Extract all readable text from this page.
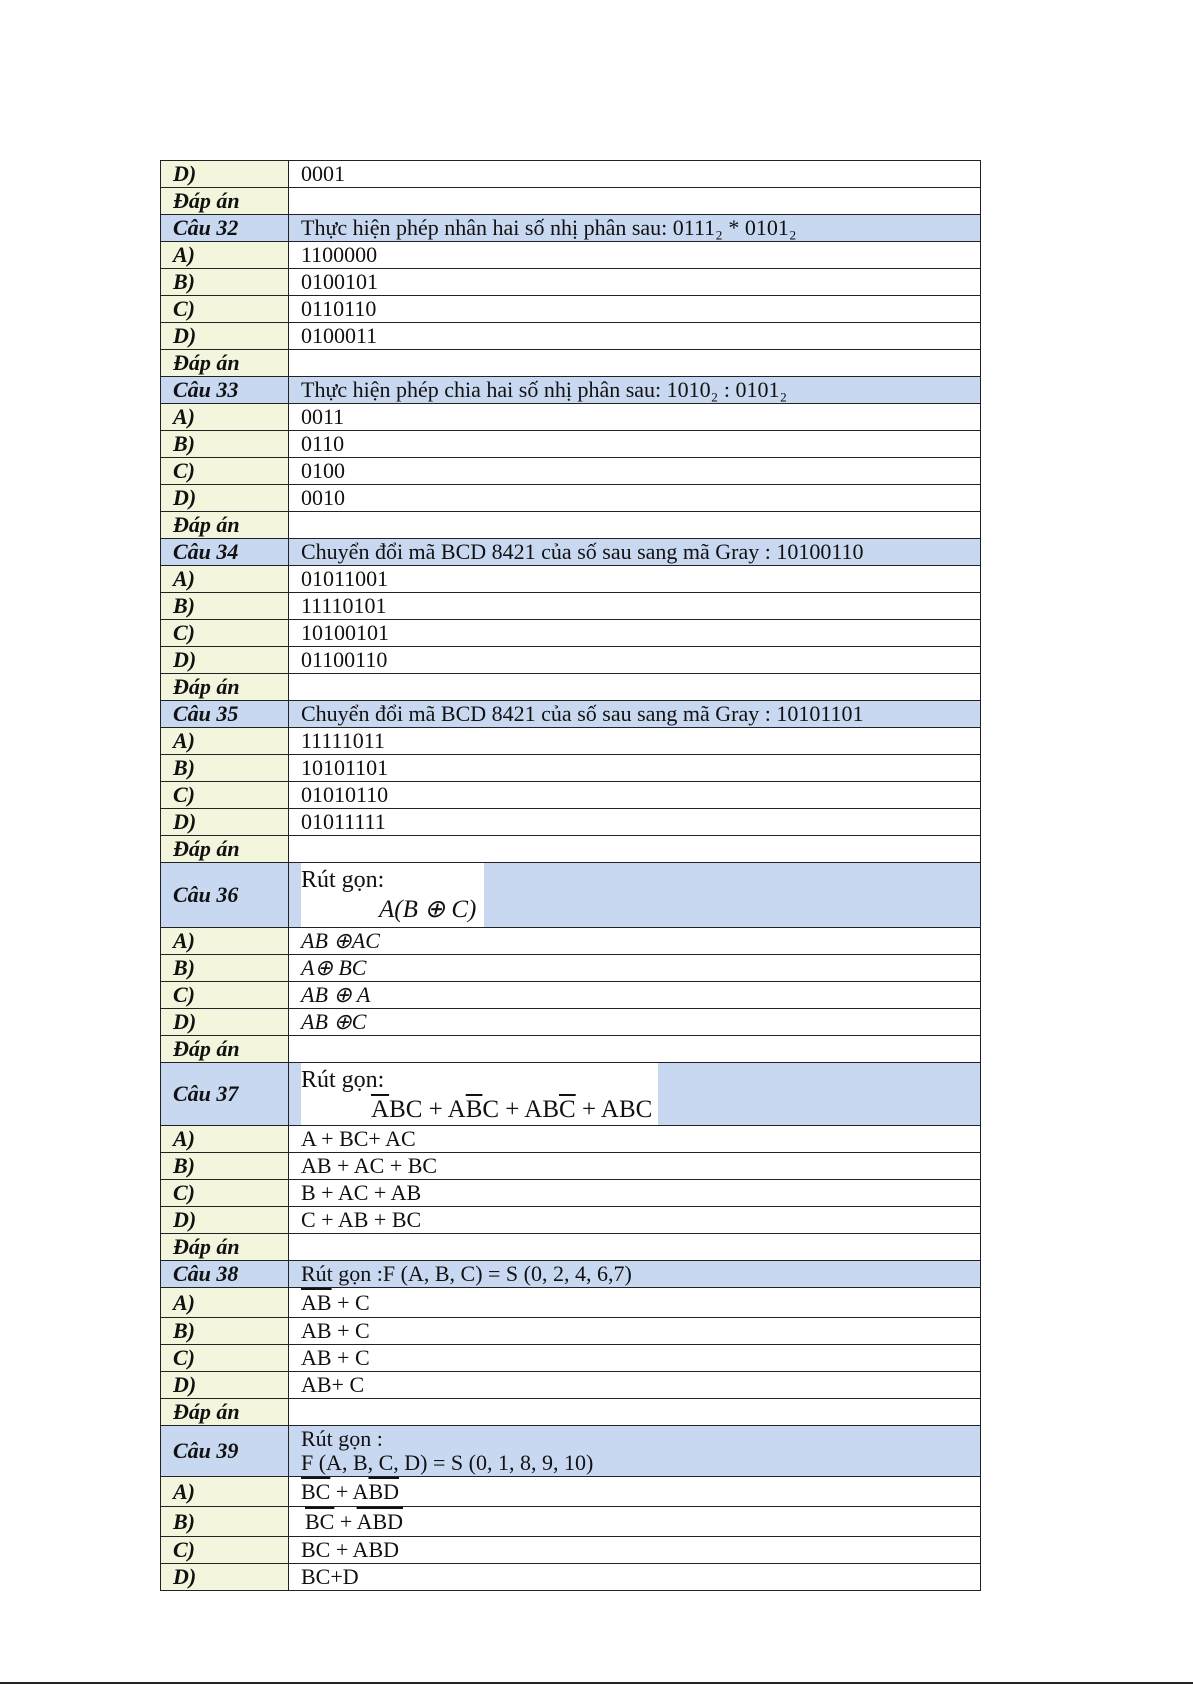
D)	0001
Đáp án	
Câu 32	Thực hiện phép nhân hai số nhị phân sau: 0111₂ * 0101₂
A)	1100000
B)	0100101
C)	0110110
D)	0100011
Đáp án	
Câu 33	Thực hiện phép chia hai số nhị phân sau: 1010₂ : 0101₂
A)	0011
B)	0110
C)	0100
D)	0010
Đáp án	
Câu 34	Chuyển đổi mã BCD 8421 của số sau sang mã Gray : 10100110
A)	01011001
B)	11110101
C)	10100101
D)	01100110
Đáp án	
Câu 35	Chuyển đổi mã BCD 8421 của số sau sang mã Gray : 10101101
A)	11111011
B)	10101101
C)	01010110
D)	01011111
Đáp án	
Câu 36	Rút gọn:
A(B ⊕ C)

A)	AB ⊕AC
B)	A⊕ BC
C)	AB ⊕ A
D)	AB ⊕C
Đáp án	
Câu 37	Rút gọn:
$\overline{A}BC + A\overline{B}C + AB\overline{C}$ + ABC

A)	A + BC+ AC
B)	AB + AC + BC
C)	B + AC + AB
D)	C + AB + BC
Đáp án	
Câu 38	Rút gọn :F (A, B, C) = S (0, 2, 4, 6,7)
A)	$\overline{A}\overline{B} + C$
B)	$A\overline{B} + C$
C)	AB + $\overline{C}$
D)	AB+ C
Đáp án	
Câu 39	Rút gọn :
F (A, B, C, D) = S (0, 1, 8, 9, 10)

A)	$\overline{BC} + A\overline{BD}$
B)	$\overline{BC} + \overline{ABD}$
C)	$\overline{BC}$ + ABD
D)	BC+D
